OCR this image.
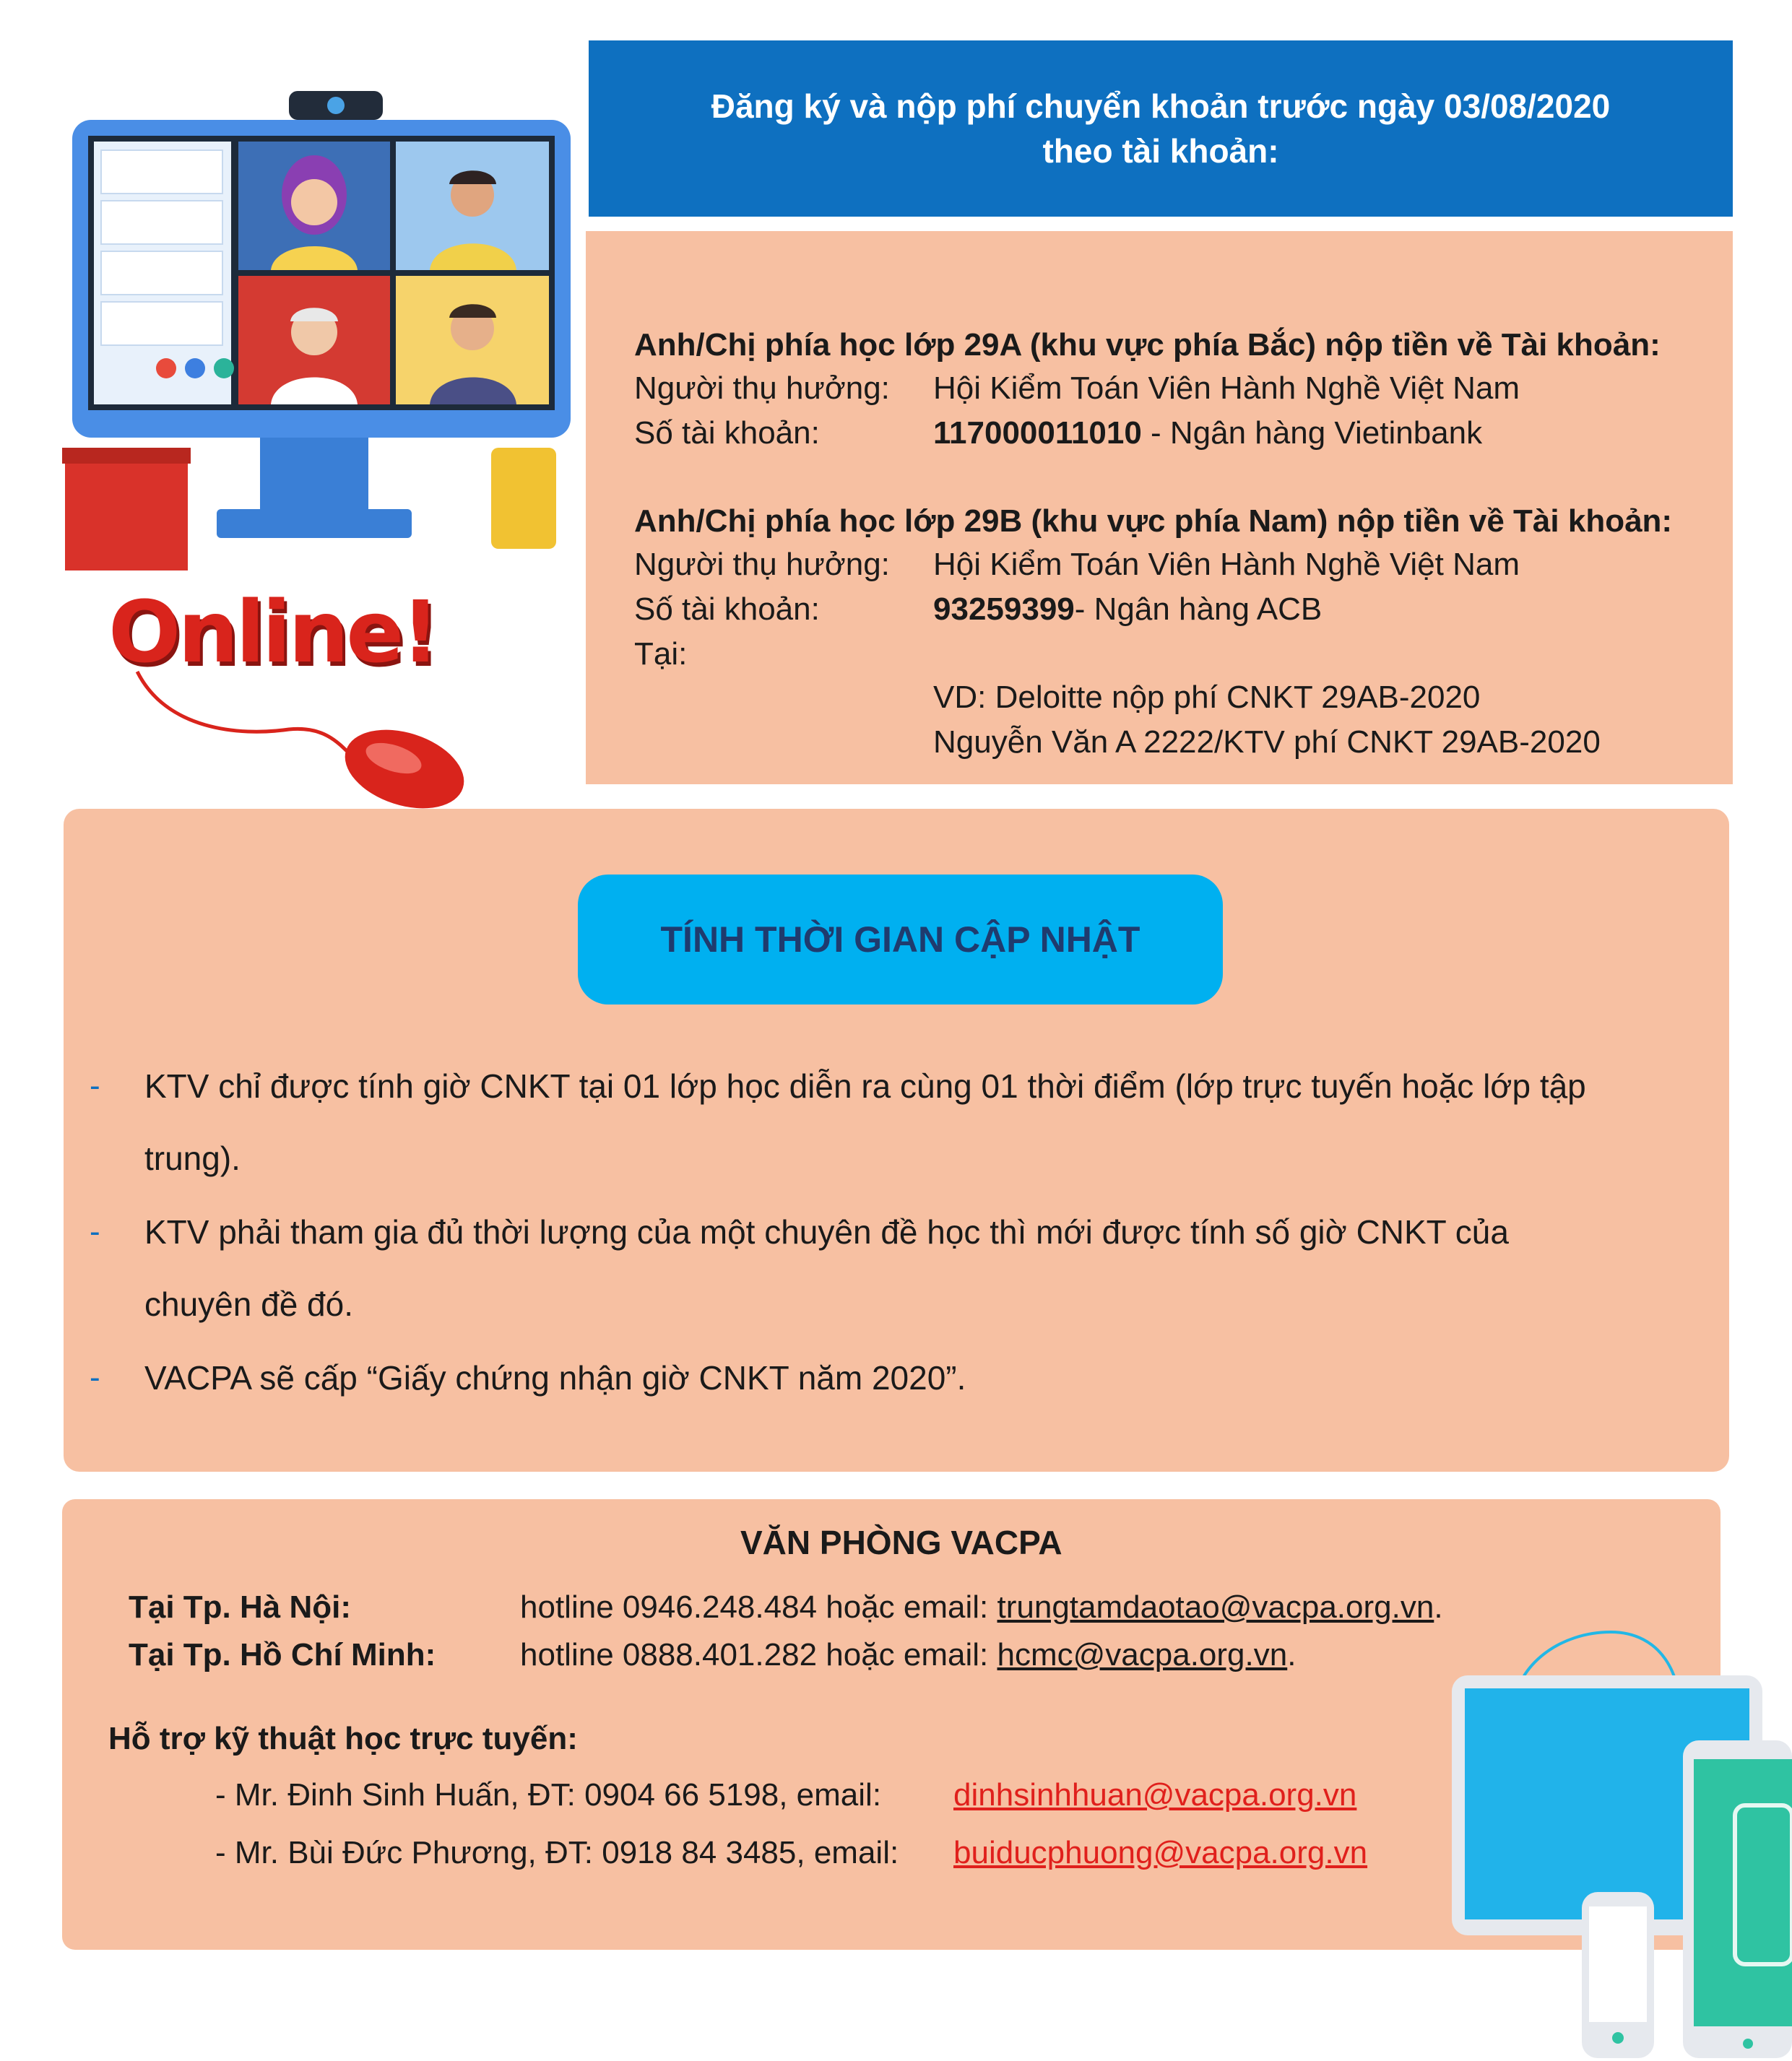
Online!
Đăng ký và nộp phí chuyển khoản trước ngày 03/08/2020
theo tài khoản:
Anh/Chị phía học lớp 29A (khu vực phía Bắc) nộp tiền về Tài khoản:
Người thụ hưởng: Hội Kiểm Toán Viên Hành Nghề Việt Nam
Số tài khoản:	117000011010 - Ngân hàng Vietinbank
Anh/Chị phía học lớp 29B (khu vực phía Nam) nộp tiền về Tài khoản:
Người thụ hưởng: Hội Kiểm Toán Viên Hành Nghề Việt Nam
Số tài khoản:	93259399- Ngân hàng ACB
Tại:
VD: Deloitte nộp phí CNKT 29AB-2020
Nguyễn Văn A 2222/KTV phí CNKT 29AB-2020
TÍNH THỜI GIAN CẬP NHẬT
- KTV chỉ được tính giờ CNKT tại 01 lớp học diễn ra cùng 01 thời điểm (lớp trực tuyến hoặc lớp tập
trung).
- KTV phải tham gia đủ thời lượng của một chuyên đề học thì mới được tính số giờ CNKT của
chuyên đề đó.
- VACPA sẽ cấp “Giấy chứng nhận giờ CNKT năm 2020”.
VĂN PHÒNG VACPA
Tại Tp. Hà Nội:	hotline 0946.248.484 hoặc email: trungtamdaotao@vacpa.org.vn.
Tại Tp. Hồ Chí Minh:	hotline 0888.401.282 hoặc email: hcmc@vacpa.org.vn.
Hỗ trợ kỹ thuật học trực tuyến:
- Mr. Đinh Sinh Huấn, ĐT: 0904 66 5198, email: dinhsinhhuan@vacpa.org.vn
- Mr. Bùi Đức Phương, ĐT: 0918 84 3485, email: buiducphuong@vacpa.org.vn
